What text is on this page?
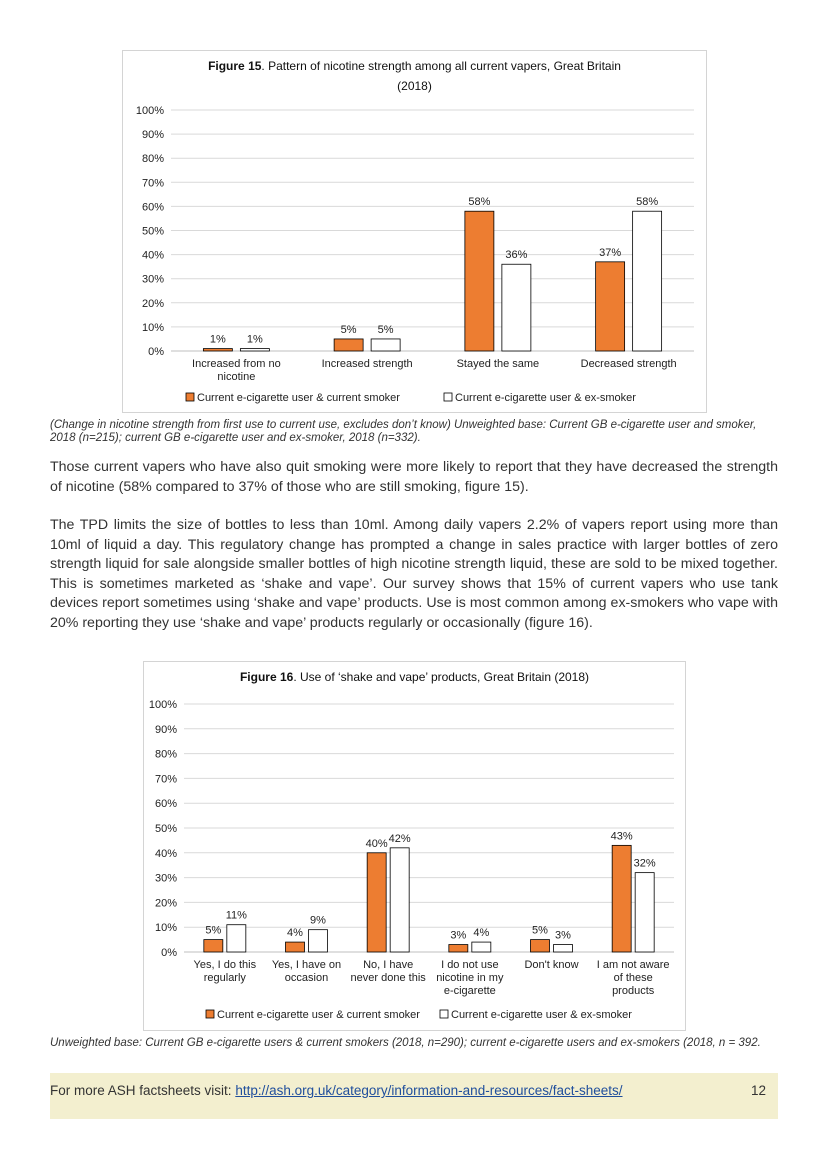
Figure 15. Pattern of nicotine strength among all current vapers, Great Britain
(2018)
0%
10%
20%
30%
40%
50%
60%
70%
80%
90%
100%
1% 1%
Increased from no
nicotine
5% 5%
Increased strength
58%
36%
Stayed the same
37%
58%
Decreased strength
Current e-cigarette user & current smoker	Current e-cigarette user & ex-smoker
(Change in nicotine strength from first use to current use, excludes don’t know) Unweighted base: Current GB e-cigarette user and smoker, 2018 (n=215); current GB e-cigarette user and ex-smoker, 2018 (n=332).
Those current vapers who have also quit smoking were more likely to report that they have decreased the strength of nicotine (58% compared to 37% of those who are still smoking, figure 15).
The TPD limits the size of bottles to less than 10ml. Among daily vapers 2.2% of vapers report using more than 10ml of liquid a day. This regulatory change has prompted a change in sales practice with larger bottles of zero strength liquid for sale alongside smaller bottles of high nicotine strength liquid, these are sold to be mixed together. This is sometimes marketed as ‘shake and vape’. Our survey shows that 15% of current vapers who use tank devices report sometimes using ‘shake and vape’ products. Use is most common among ex-smokers who vape with 20% reporting they use ‘shake and vape’ products regularly or occasionally (figure 16).
Figure 16. Use of ‘shake and vape’ products, Great Britain (2018)
0%
10%
20%
30%
40%
50%
60%
70%
80%
90%
100%
5%
11%
Yes, I do this
regularly
4%
9%
Yes, I have on
occasion
40% 42%
No, I have
never done this
3% 4%
I do not use
nicotine in my
e-cigarette
5% 3%
Don't know
43%
32%
I am not aware
of these
products
Current e-cigarette user & current smoker	Current e-cigarette user & ex-smoker
Unweighted base: Current GB e-cigarette users & current smokers (2018, n=290); current e-cigarette users and ex-smokers (2018, n = 392.
For more ASH factsheets visit: http://ash.org.uk/category/information-and-resources/fact-sheets/	12
